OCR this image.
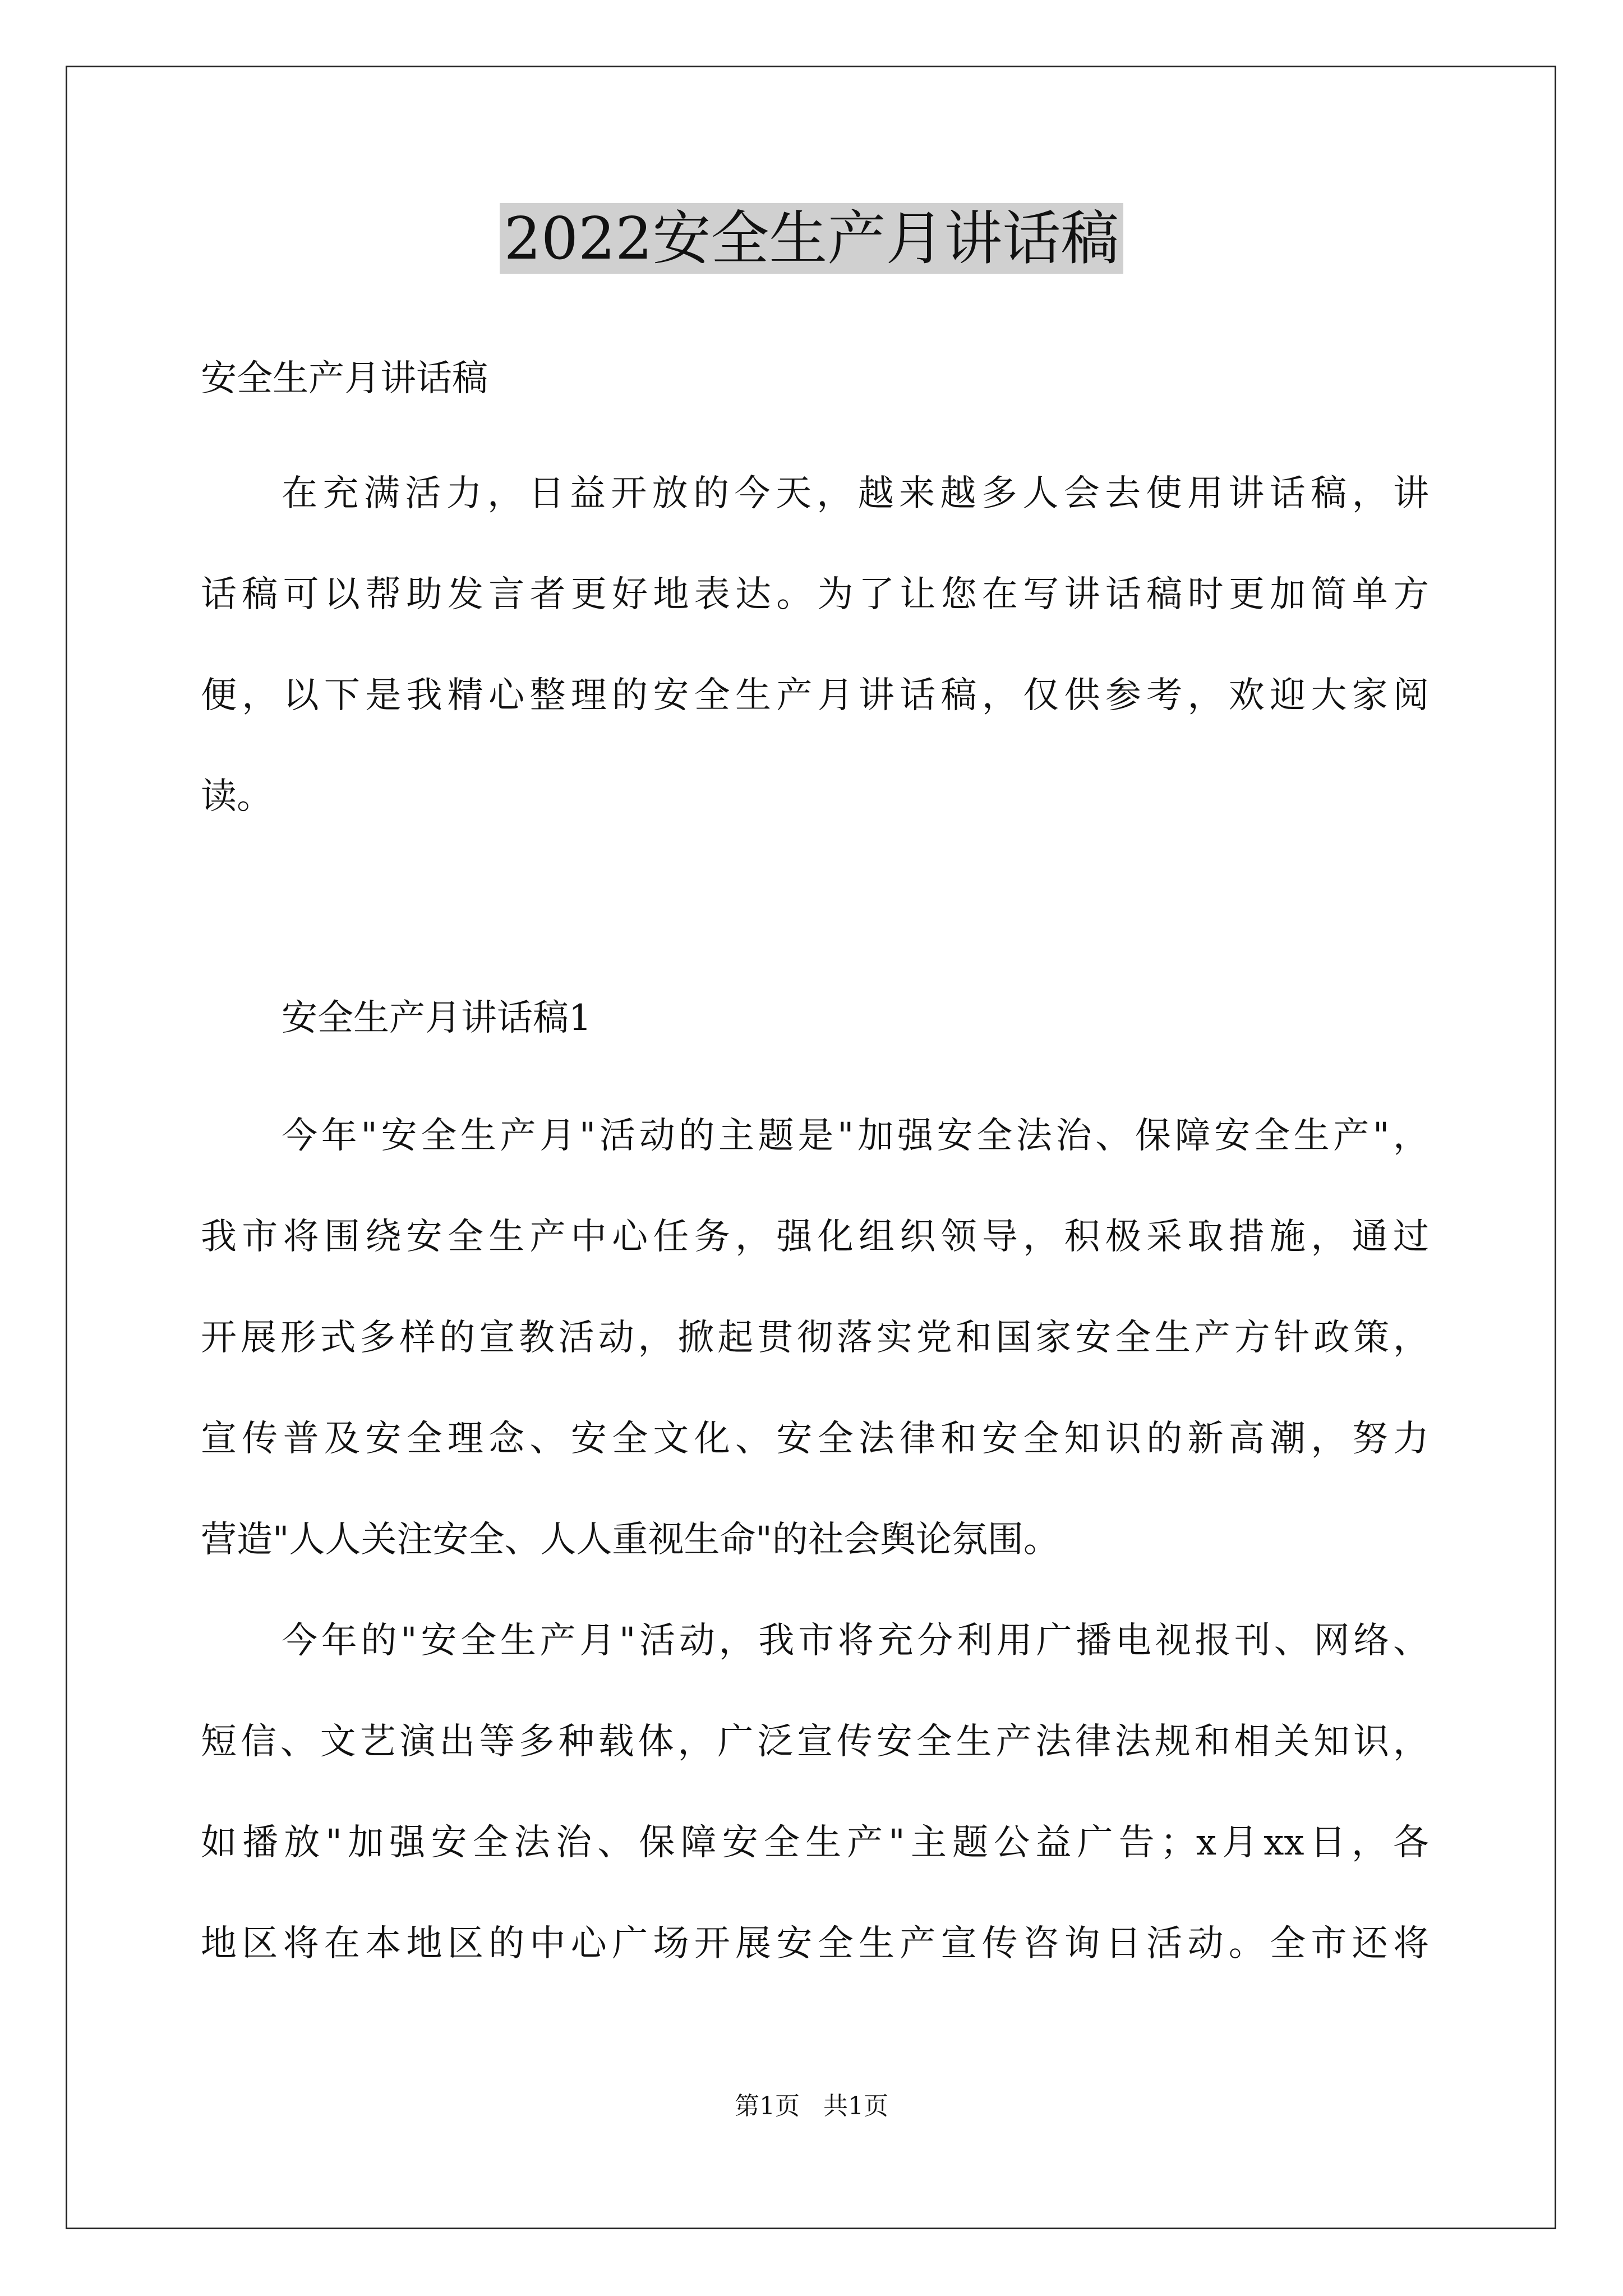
2022安全生产月讲话稿
安全生产月讲话稿
在充满活力，日益开放的今天，越来越多人会去使用讲话稿，讲
话稿可以帮助发言者更好地表达。为了让您在写讲话稿时更加简单方
便，以下是我精心整理的安全生产月讲话稿，仅供参考，欢迎大家阅
读。
安全生产月讲话稿1
今年"安全生产月"活动的主题是"加强安全法治、保障安全生产"，
我市将围绕安全生产中心任务，强化组织领导，积极采取措施，通过
开展形式多样的宣教活动，掀起贯彻落实党和国家安全生产方针政策，
宣传普及安全理念、安全文化、安全法律和安全知识的新高潮，努力
营造"人人关注安全、人人重视生命"的社会舆论氛围。
今年的"安全生产月"活动，我市将充分利用广播电视报刊、网络、
短信、文艺演出等多种载体，广泛宣传安全生产法律法规和相关知识，
如播放"加强安全法治、保障安全生产"主题公益广告；x月xx日，各
地区将在本地区的中心广场开展安全生产宣传咨询日活动。全市还将
第1页   共1页
